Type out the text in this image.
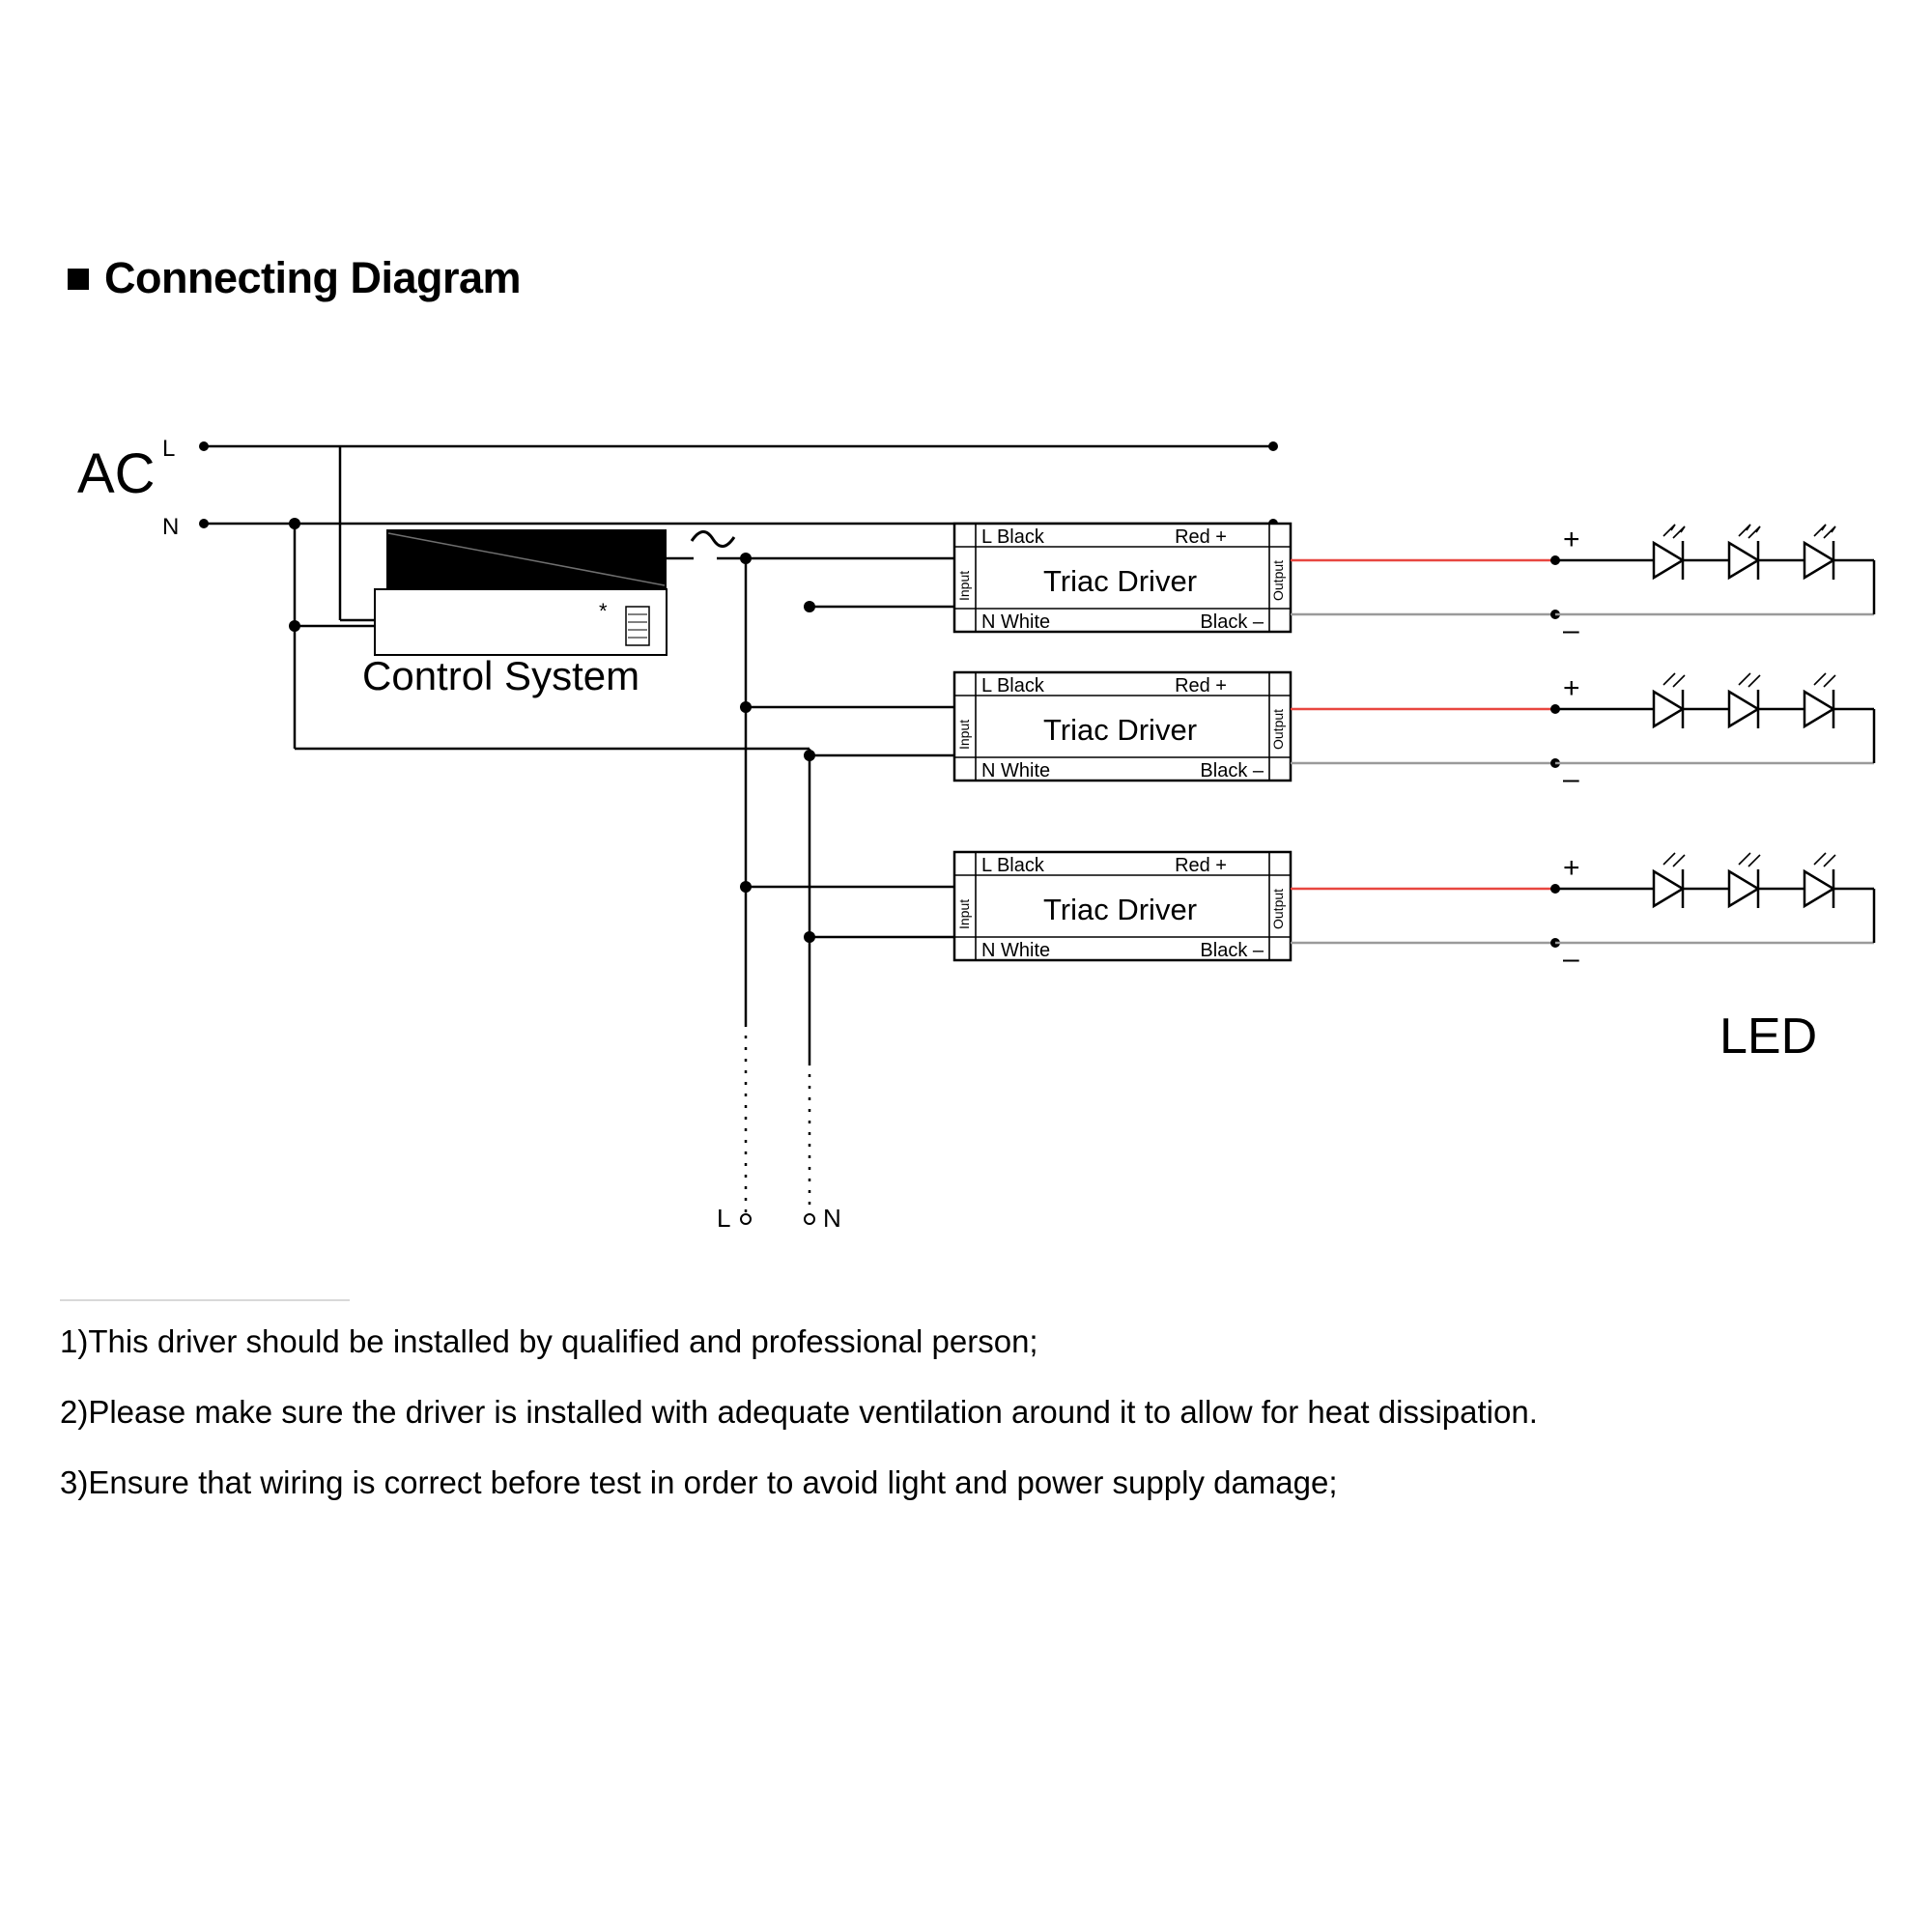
Connecting Diagram
AC L
N
*
Control System
L	N
L Black
N White
Red +
Black –
Triac Driver
Input	Output
+
–
L Black
N White
Red +
Black –
Triac Driver
Input	Output
+
–
L Black
N White
Red +
Black –
Triac Driver
Input	Output
+
–
LED
1)This driver should be installed by qualified and professional person;
2)Please make sure the driver is installed with adequate ventilation around it to allow for heat dissipation.
3)Ensure that wiring is correct before test in order to avoid light and power supply damage;
